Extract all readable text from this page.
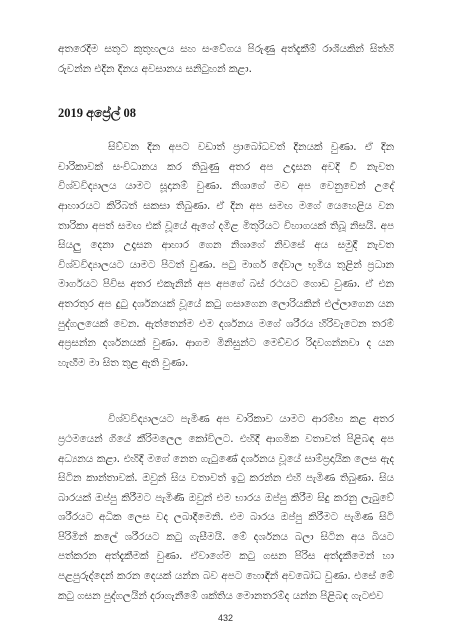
අතරෙදීම සතුට කුතුහලය සහ සංවේගය පිරුණු අත්දැකීම් රාශියකින් සිත්හි රුවන්න එදින දිනය අවසානය සනිටුහන් කළා.

2019 අප්‍රේල් 08

සිව්වන දින අපට වඩාත් ප්‍රාබෝධවත් දිනයක් වුණා. ඒ දින චාරිකාවක් සංවිධානය කර තිබුණු අතර අප උදෑසන අවදි වී නැවත විශ්වවිද්‍යාලය යාමට සූදානම් වුණා. නිශාගේ මව අප වෙනුවෙන් උදේ ආහාරයට කිරිබත් සකසා තිබුණා. ඒ දින අප සමඟ මගේ යෙහෙළිය වන තාරිකා අපත් සමඟ එක් වූයේ ඇගේ දමිළ මිතුරියට විහාගයක් තිබූ නිසයි. අප සියලු දෙනා උදෑසන ආහාර ගෙන නිශාගේ නිවසේ අය සමුදී නැවත විශ්වවිද්‍යාලයට යාමට පිටත් වුණා. පටු මාර්ග දේවාල භූමිය තුළින් ප්‍රධාන මාර්ගයට පිවිස අතර එකැනින් අප අපගේ බස් රථයට ගොඩ වුණා. ඒ එන අතරතුර අප දුටු දර්ශනයක් වූයේ කටු ගසාගෙන ලොරියකින් එල්ලාගෙන යන පුද්ගලයෙක් වෙන. ඇත්තෙන්ම එම දර්ශනය මගේ ශරීරය හිරිවැටෙන තරම් අප්‍රසන්න දර්ශනයක් වුණා. ආගම මිනිසුන්ට මෙච්චර රිදවගන්නවා ද යන හැඟීම මා සිත තුළ ඇති වුණා.

විශ්වවිද්‍යාලයට පැමිණ අප චාරිකාව යාමට ආරම්භ කළ අතර ප්‍රථමයෙන් ගියේ කීරිමලෙල කෝවිලට. එහිදී ආගමික වතාවත් පිළිබඳ අප අධ්‍යනය කළා. එහිදී මගේ නෙත ගැටුණේ දර්ශනය වූයේ සාම්ප්‍රදායික ලෙස ඇද සිටින කාන්තාවක්. ඔවුන් සිය වතාවත් ඉටු කරන්න එහි පැමිණ තිබුණා. සිය බාරයක් ඔප්පු කිරීමට පැමිණි ඔවුන් එම භාරය ඔප්පු කිරීම සිදු කරනු ලැබුවේ ශරීරයට අධික ලෙස වද ලබාදීමෙනි. එම බාරය ඔප්පු කිරීමට පැමිණ සිටි පිරිමින් කලේ ශරීරයට කටු ගැසීමයි. මේ දර්ශනය බලා සිටින අය බියට පත්කරන අත්දැකීමක් වුණා. ඒවාගේම කටු ගසන පිරිස අත්දැකීමෙන් හා පළපුරුද්දෙන් කරන දෙයක් යන්න බව අපට හොඳින් අවබෝධ වුණා. එසේ මේ කටු ගසන පුද්ගලයින් දරාගැනීමේ ශක්තිය මොනතරම්ද යන්න පිළිබඳ ගැටළුව

432
